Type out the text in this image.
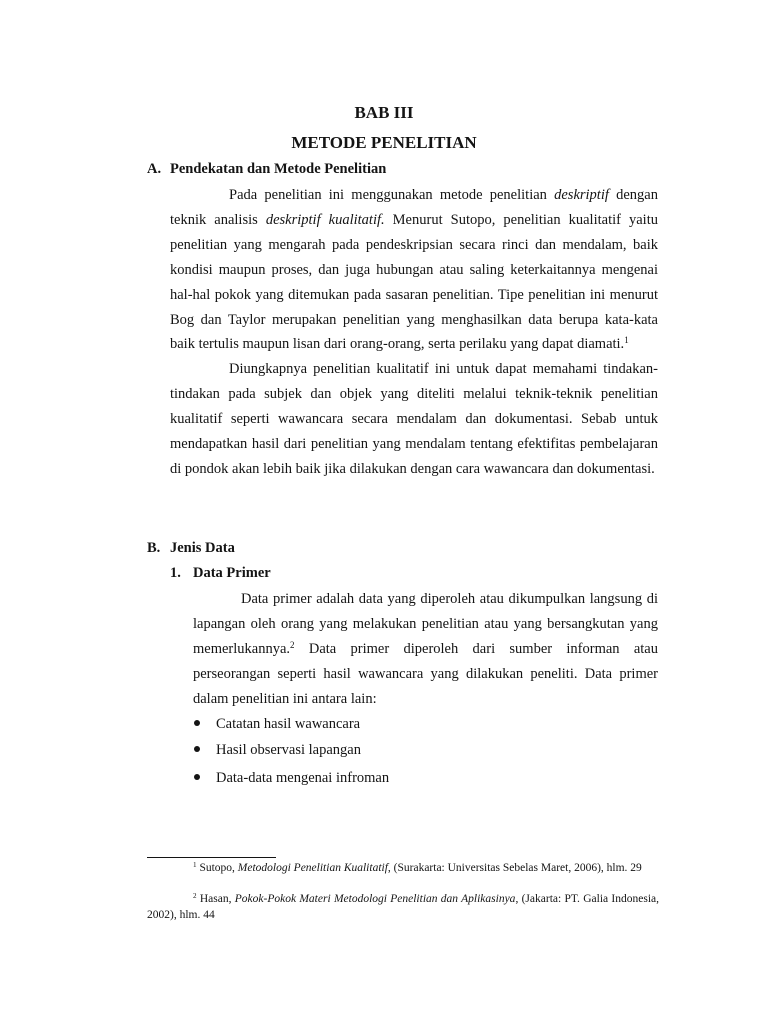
BAB III
METODE PENELITIAN
A. Pendekatan dan Metode Penelitian

Pada penelitian ini menggunakan metode penelitian deskriptif dengan teknik analisis deskriptif kualitatif. Menurut Sutopo, penelitian kualitatif yaitu penelitian yang mengarah pada pendeskripsian secara rinci dan mendalam, baik kondisi maupun proses, dan juga hubungan atau saling keterkaitannya mengenai hal-hal pokok yang ditemukan pada sasaran penelitian. Tipe penelitian ini menurut Bog dan Taylor merupakan penelitian yang menghasilkan data berupa kata-kata baik tertulis maupun lisan dari orang-orang, serta perilaku yang dapat diamati.$^1$

Diungkapnya penelitian kualitatif ini untuk dapat memahami tindakan-tindakan pada subjek dan objek yang diteliti melalui teknik-teknik penelitian kualitatif seperti wawancara secara mendalam dan dokumentasi. Sebab untuk mendapatkan hasil dari penelitian yang mendalam tentang efektifitas pembelajaran di pondok akan lebih baik jika dilakukan dengan cara wawancara dan dokumentasi.

B. Jenis Data
1. Data Primer

Data primer adalah data yang diperoleh atau dikumpulkan langsung di lapangan oleh orang yang melakukan penelitian atau yang bersangkutan yang memerlukannya.$^2$ Data primer diperoleh dari sumber informan atau perseorangan seperti hasil wawancara yang dilakukan peneliti. Data primer dalam penelitian ini antara lain:

Catatan hasil wawancara
Hasil observasi lapangan
Data-data mengenai infroman

$^1$ Sutopo, Metodologi Penelitian Kualitatif, (Surakarta: Universitas Sebelas Maret, 2006), hlm. 29

$^2$ Hasan, Pokok-Pokok Materi Metodologi Penelitian dan Aplikasinya, (Jakarta: PT. Galia Indonesia, 2002), hlm. 44
